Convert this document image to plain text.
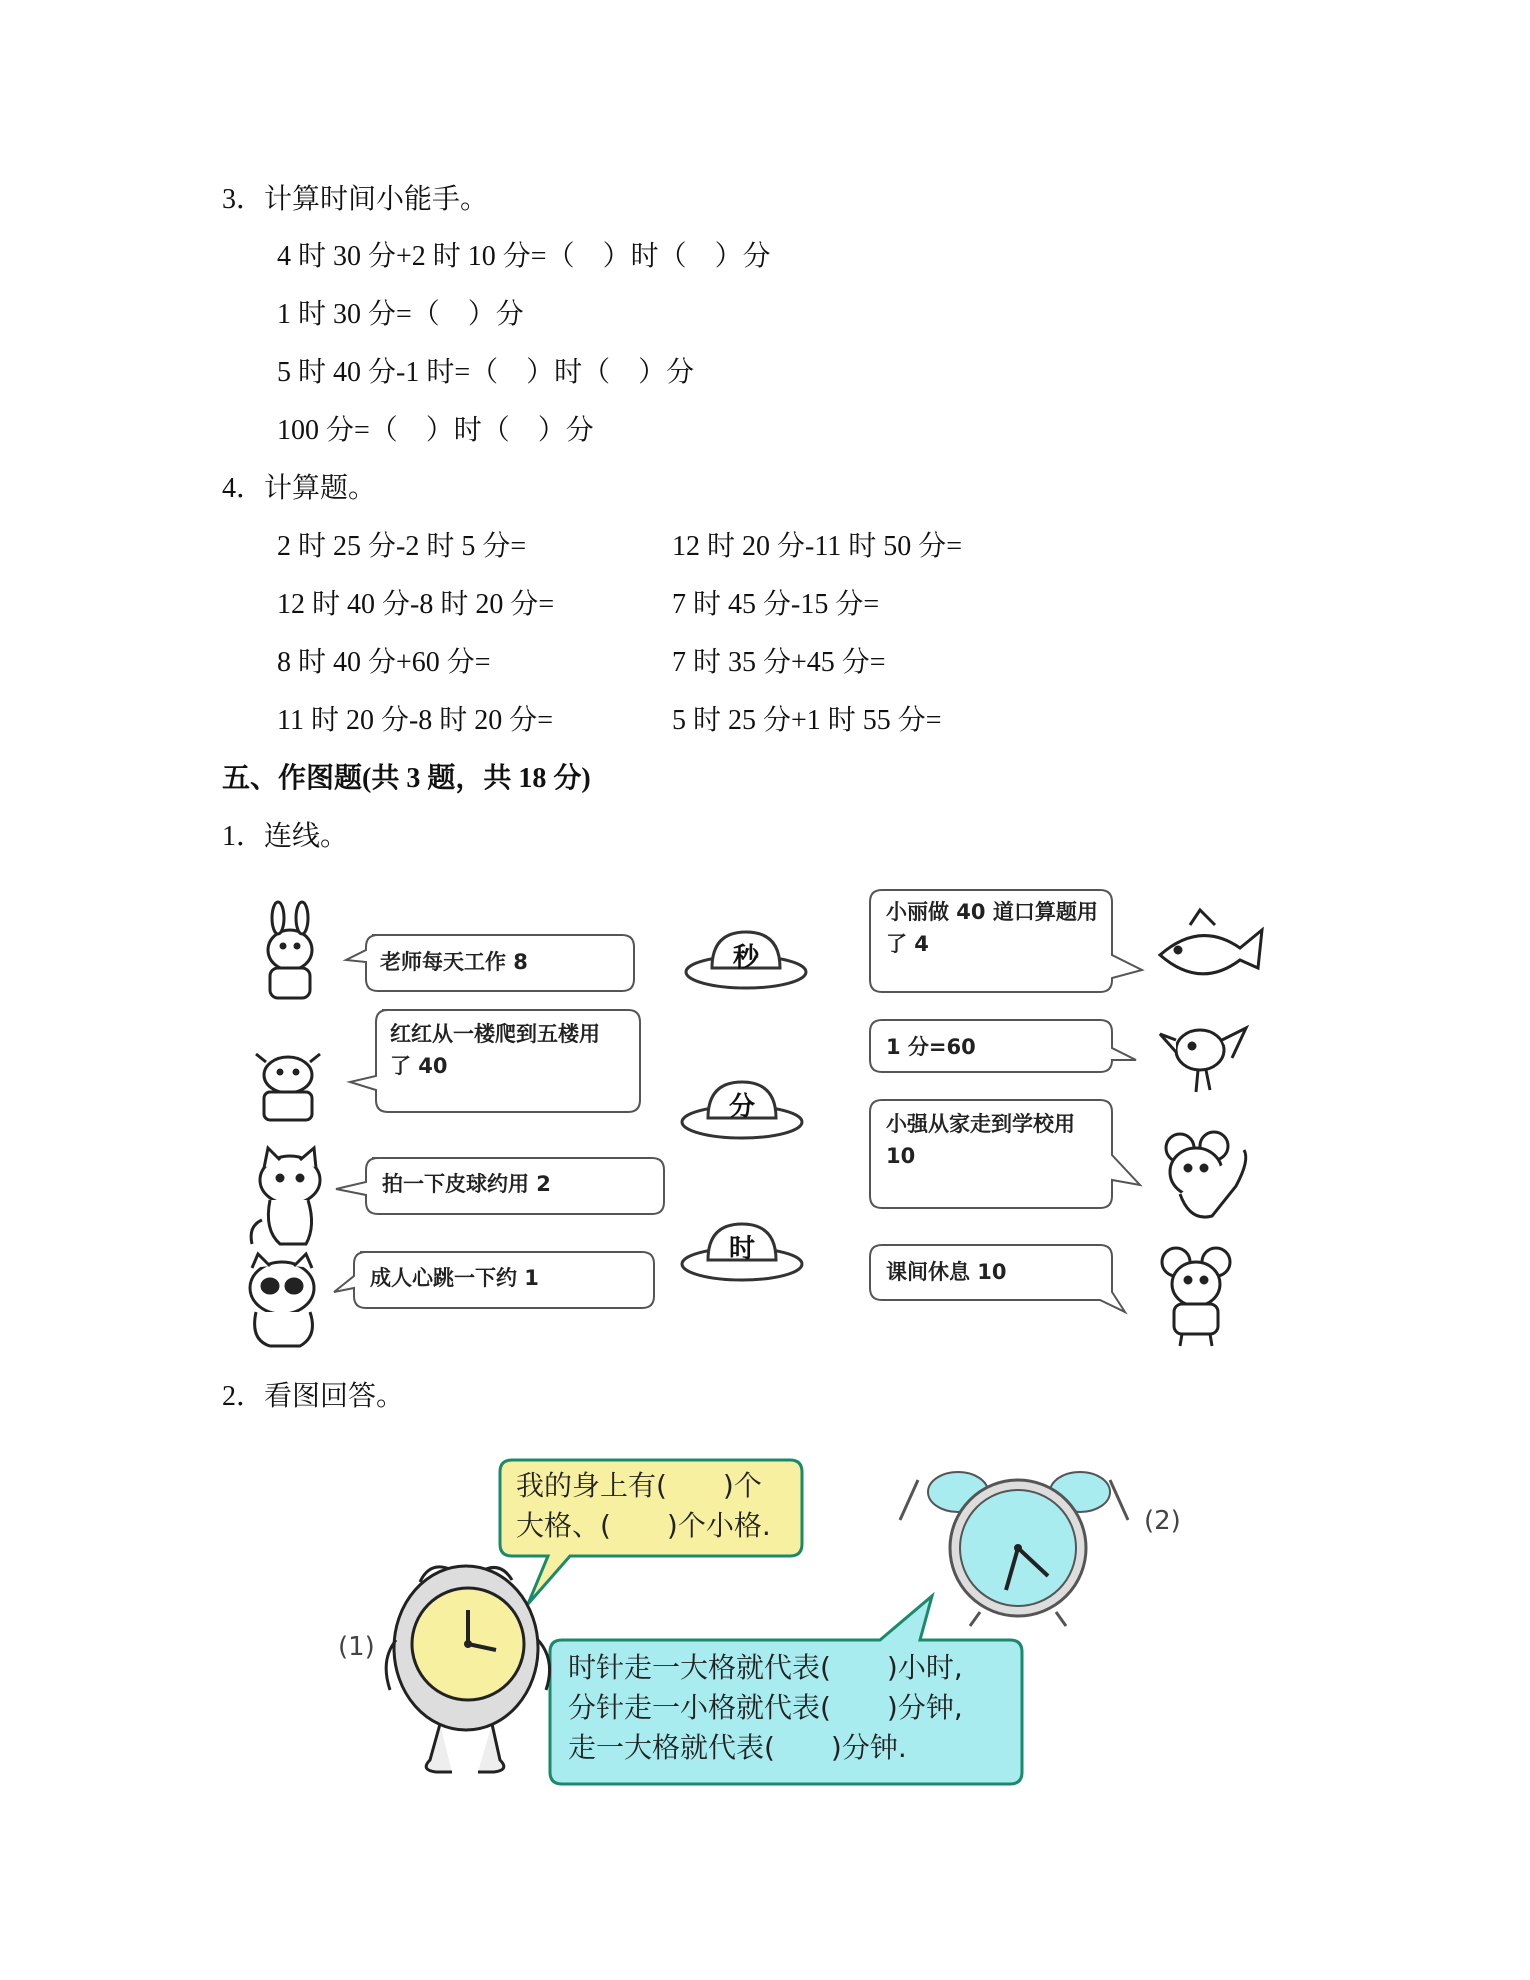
3．计算时间小能手。
4 时 30 分+2 时 10 分=（　）时（　）分
1 时 30 分=（　）分
5 时 40 分-1 时=（　）时（　）分
100 分=（　）时（　）分
4．计算题。
2 时 25 分-2 时 5 分=	12 时 20 分-11 时 50 分=
12 时 40 分-8 时 20 分=	7 时 45 分-15 分=
8 时 40 分+60 分=	7 时 35 分+45 分=
11 时 20 分-8 时 20 分=	5 时 25 分+1 时 55 分=
五、作图题(共 3 题，共 18 分)
1．连线。
秒
分
时
老师每天工作 8
红红从一楼爬到五楼用
了 40
拍一下皮球约用 2
成人心跳一下约 1
小丽做 40 道口算题用
了 4
1 分=60
小强从家走到学校用
10
课间休息 10
2．看图回答。
(1)
(2)
我的身上有(　　)个
大格、(　　)个小格.
时针走一大格就代表(　　)小时,
分针走一小格就代表(　　)分钟,
走一大格就代表(　　)分钟.
